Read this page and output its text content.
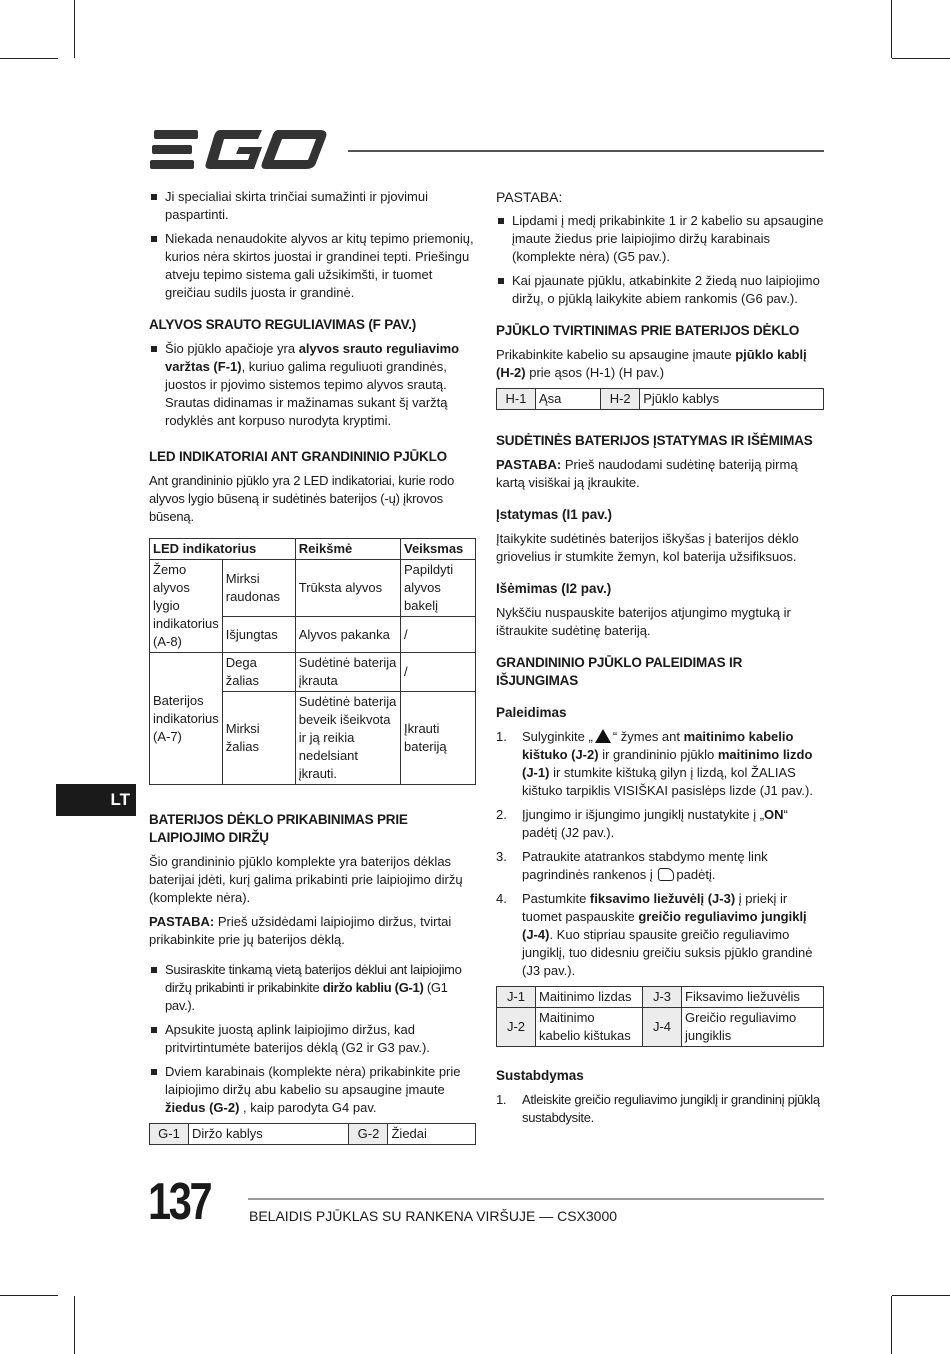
EGO
Ji specialiai skirta trinčiai sumažinti ir pjovimui paspartinti.
Niekada nenaudokite alyvos ar kitų tepimo priemonių, kurios nėra skirtos juostai ir grandinei tepti. Priešingu atveju tepimo sistema gali užsikimšti, ir tuomet greičiau sudils juosta ir grandinė.
ALYVOS SRAUTO REGULIAVIMAS (F PAV.)
Šio pjūklo apačioje yra alyvos srauto reguliavimo varžtas (F-1), kuriuo galima reguliuoti grandinės, juostos ir pjovimo sistemos tepimo alyvos srautą. Srautas didinamas ir mažinamas sukant šį varžtą rodyklės ant korpuso nurodyta kryptimi.
LED INDIKATORIAI ANT GRANDININIO PJŪKLO

Ant grandininio pjūklo yra 2 LED indikatoriai, kurie rodo alyvos lygio būseną ir sudėtinės baterijos (-ų) įkrovos būseną.

LED indikatorius		Reikšmė	Veiksmas
Žemo alyvos lygio indikatorius (A-8)	Mirksi raudonas	Trūksta alyvos	Papildyti alyvos bakelį
	Išjungtas	Alyvos pakanka	/
Baterijos indikatorius (A-7)	Dega žalias	Sudėtinė baterija įkrauta	/
	Mirksi žalias	Sudėtinė baterija beveik išeikvota ir ją reikia nedelsiant įkrauti.	Įkrauti bateriją
BATERIJOS DĖKLO PRIKABINIMAS PRIE LAIPIOJIMO DIRŽŲ

Šio grandininio pjūklo komplekte yra baterijos dėklas baterijai įdėti, kurį galima prikabinti prie laipiojimo diržų (komplekte nėra).

PASTABA: Prieš užsidėdami laipiojimo diržus, tvirtai prikabinkite prie jų baterijos dėklą.

Susiraskite tinkamą vietą baterijos dėklui ant laipiojimo diržų prikabinti ir prikabinkite diržo kabliu (G-1) (G1 pav.).
Apsukite juostą aplink laipiojimo diržus, kad pritvirtintumėte baterijos dėklą (G2 ir G3 pav.).
Dviem karabinais (komplekte nėra) prikabinkite prie laipiojimo diržų abu kabelio su apsaugine įmaute žiedus (G-2) , kaip parodyta G4 pav.
G-1	Diržo kablys	G-2	Žiedai
PASTABA:
Lipdami į medį prikabinkite 1 ir 2 kabelio su apsaugine įmaute žiedus prie laipiojimo diržų karabinais (komplekte nėra) (G5 pav.).
Kai pjaunate pjūklu, atkabinkite 2 žiedą nuo laipiojimo diržų, o pjūklą laikykite abiem rankomis (G6 pav.).
PJŪKLO TVIRTINIMAS PRIE BATERIJOS DĖKLO

Prikabinkite kabelio su apsaugine įmaute pjūklo kablį (H-2) prie ąsos (H-1) (H pav.)

H-1	Ąsa	H-2	Pjūklo kablys
SUDĖTINĖS BATERIJOS ĮSTATYMAS IR IŠĖMIMAS

PASTABA: Prieš naudodami sudėtinę bateriją pirmą kartą visiškai ją įkraukite.

Įstatymas (I1 pav.)

Įtaikykite sudėtinės baterijos iškyšas į baterijos dėklo griovelius ir stumkite žemyn, kol baterija užsifiksuos.

Išėmimas (I2 pav.)

Nykščiu nuspauskite baterijos atjungimo mygtuką ir ištraukite sudėtinę bateriją.

GRANDININIO PJŪKLO PALEIDIMAS IR IŠJUNGIMAS
Paleidimas
1. Sulyginkite „ “ žymes ant maitinimo kabelio kištuko (J-2) ir grandininio pjūklo maitinimo lizdo (J-1) ir stumkite kištuką gilyn į lizdą, kol ŽALIAS kištuko tarpiklis VISIŠKAI pasislėps lizde (J1 pav.).
2. Įjungimo ir išjungimo jungiklį nustatykite į „ON“ padėtį (J2 pav.).
3. Patraukite atatrankos stabdymo mentę link pagrindinės rankenos į padėtį.
4. Pastumkite fiksavimo liežuvėlį (J-3) į priekį ir tuomet paspauskite greičio reguliavimo jungiklį (J-4). Kuo stipriau spausite greičio reguliavimo jungiklį, tuo didesniu greičiu suksis pjūklo grandinė (J3 pav.).
J-1	Maitinimo lizdas	J-3	Fiksavimo liežuvėlis
J-2	Maitinimo kabelio kištukas	J-4	Greičio reguliavimo jungiklis
Sustabdymas
1. Atleiskite greičio reguliavimo jungiklį ir grandininį pjūklą sustabdysite.
LT
137	BELAIDIS PJŪKLAS SU RANKENA VIRŠUJE — CSX3000
